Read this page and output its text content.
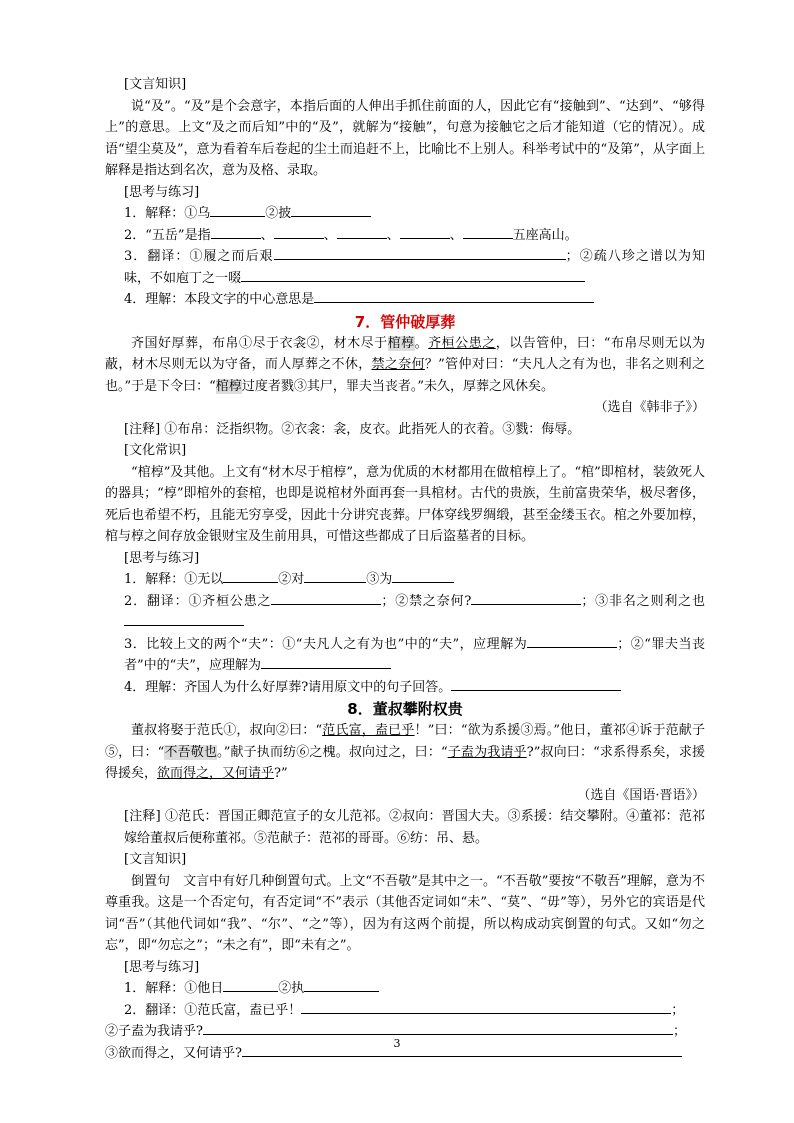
[文言知识]

说“及”。“及”是个会意字，本指后面的人伸出手抓住前面的人，因此它有“接触到”、“达到”、“够得上”的意思。上文“及之而后知”中的“及”，就解为“接触”，句意为接触它之后才能知道（它的情况）。成语“望尘莫及”，意为看着车后卷起的尘土而追赶不上，比喻比不上别人。科举考试中的“及第”，从字面上解释是指达到名次，意为及格、录取。

[思考与练习]

1．解释：①乌	②披

2．“五岳”是指	、	、	、	、	五座高山。

3．翻译：①履之而后艰	；②疏八珍之谱以为知味，不如庖丁之一啜

4．理解：本段文字的中心意思是

7．管仲破厚葬

齐国好厚葬，布帛①尽于衣衾②，材木尽于棺椁。齐桓公患之，以告管仲，曰：“布帛尽则无以为蔽，材木尽则无以为守备，而人厚葬之不休，禁之奈何？”管仲对曰：“夫凡人之有为也，非名之则利之也。”于是下令曰：“棺椁过度者戮③其尸，罪夫当丧者。”未久，厚葬之风休矣。

（选自《韩非子》）

[注释] ①布帛：泛指织物。②衣衾：衾，皮衣。此指死人的衣着。③戮：侮辱。

[文化常识]

“棺椁”及其他。上文有“材木尽于棺椁”，意为优质的木材都用在做棺椁上了。“棺”即棺材，装敛死人的器具；“椁”即棺外的套棺，也即是说棺材外面再套一具棺材。古代的贵族，生前富贵荣华，极尽奢侈，死后也希望不朽，且能无穷享受，因此十分讲究丧葬。尸体穿线罗绸缎，甚至金缕玉衣。棺之外要加椁，棺与椁之间存放金银财宝及生前用具，可惜这些都成了日后盗墓者的目标。

[思考与练习]

1．解释：①无以	②对	③为

2．翻译：①齐桓公患之	；②禁之奈何?	；③非名之则利之也

3．比较上文的两个“夫”：①“夫凡人之有为也”中的“夫”，应理解为	；②“罪夫当丧者”中的“夫”，应理解为

4．理解：齐国人为什么好厚葬?请用原文中的句子回答。

8．董叔攀附权贵

董叔将娶于范氏①，叔向②曰：“范氏富，盍已乎！”曰：“欲为系援③焉。”他日，董祁④诉于范献子⑤，曰：“不吾敬也。”献子执而纺⑥之槐。叔向过之，曰：“子盍为我请乎?”叔向曰：“求系得系矣，求援得援矣，欲而得之，又何请乎?”

（选自《国语·晋语》）

[注释] ①范氏：晋国正卿范宣子的女儿范祁。②叔向：晋国大夫。③系援：结交攀附。④董祁：范祁嫁给董叔后便称董祁。⑤范献子：范祁的哥哥。⑥纺：吊、悬。

[文言知识]

倒置句　文言中有好几种倒置句式。上文“不吾敬”是其中之一。“不吾敬”要按“不敬吾”理解，意为不尊重我。这是一个否定句，有否定词“不”表示（其他否定词如“未”、“莫”、“毋”等），另外它的宾语是代词“吾”（其他代词如“我”、“尔”、“之”等），因为有这两个前提，所以构成动宾倒置的句式。又如“勿之忘”，即“勿忘之”；“未之有”，即“未有之”。

[思考与练习]

1．解释：①他日	②执

2．翻译：①范氏富，盍已乎！	；

②子盍为我请乎?	；

③欲而得之，又何请乎?

3
